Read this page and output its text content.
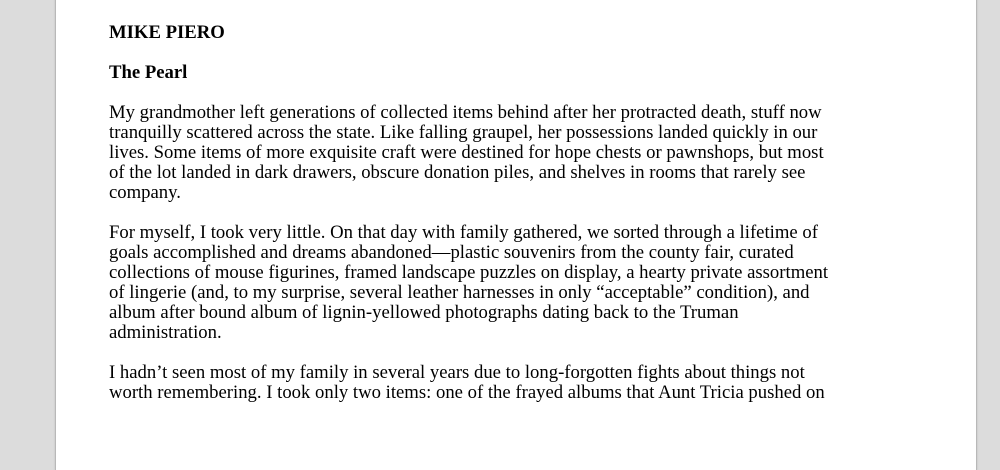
MIKE PIERO
The Pearl
My grandmother left generations of collected items behind after her protracted death, stuff now
tranquilly scattered across the state. Like falling graupel, her possessions landed quickly in our
lives. Some items of more exquisite craft were destined for hope chests or pawnshops, but most
of the lot landed in dark drawers, obscure donation piles, and shelves in rooms that rarely see
company.
For myself, I took very little. On that day with family gathered, we sorted through a lifetime of
goals accomplished and dreams abandoned—plastic souvenirs from the county fair, curated
collections of mouse figurines, framed landscape puzzles on display, a hearty private assortment
of lingerie (and, to my surprise, several leather harnesses in only “acceptable” condition), and
album after bound album of lignin-yellowed photographs dating back to the Truman
administration.
I hadn’t seen most of my family in several years due to long-forgotten fights about things not
worth remembering. I took only two items: one of the frayed albums that Aunt Tricia pushed on
